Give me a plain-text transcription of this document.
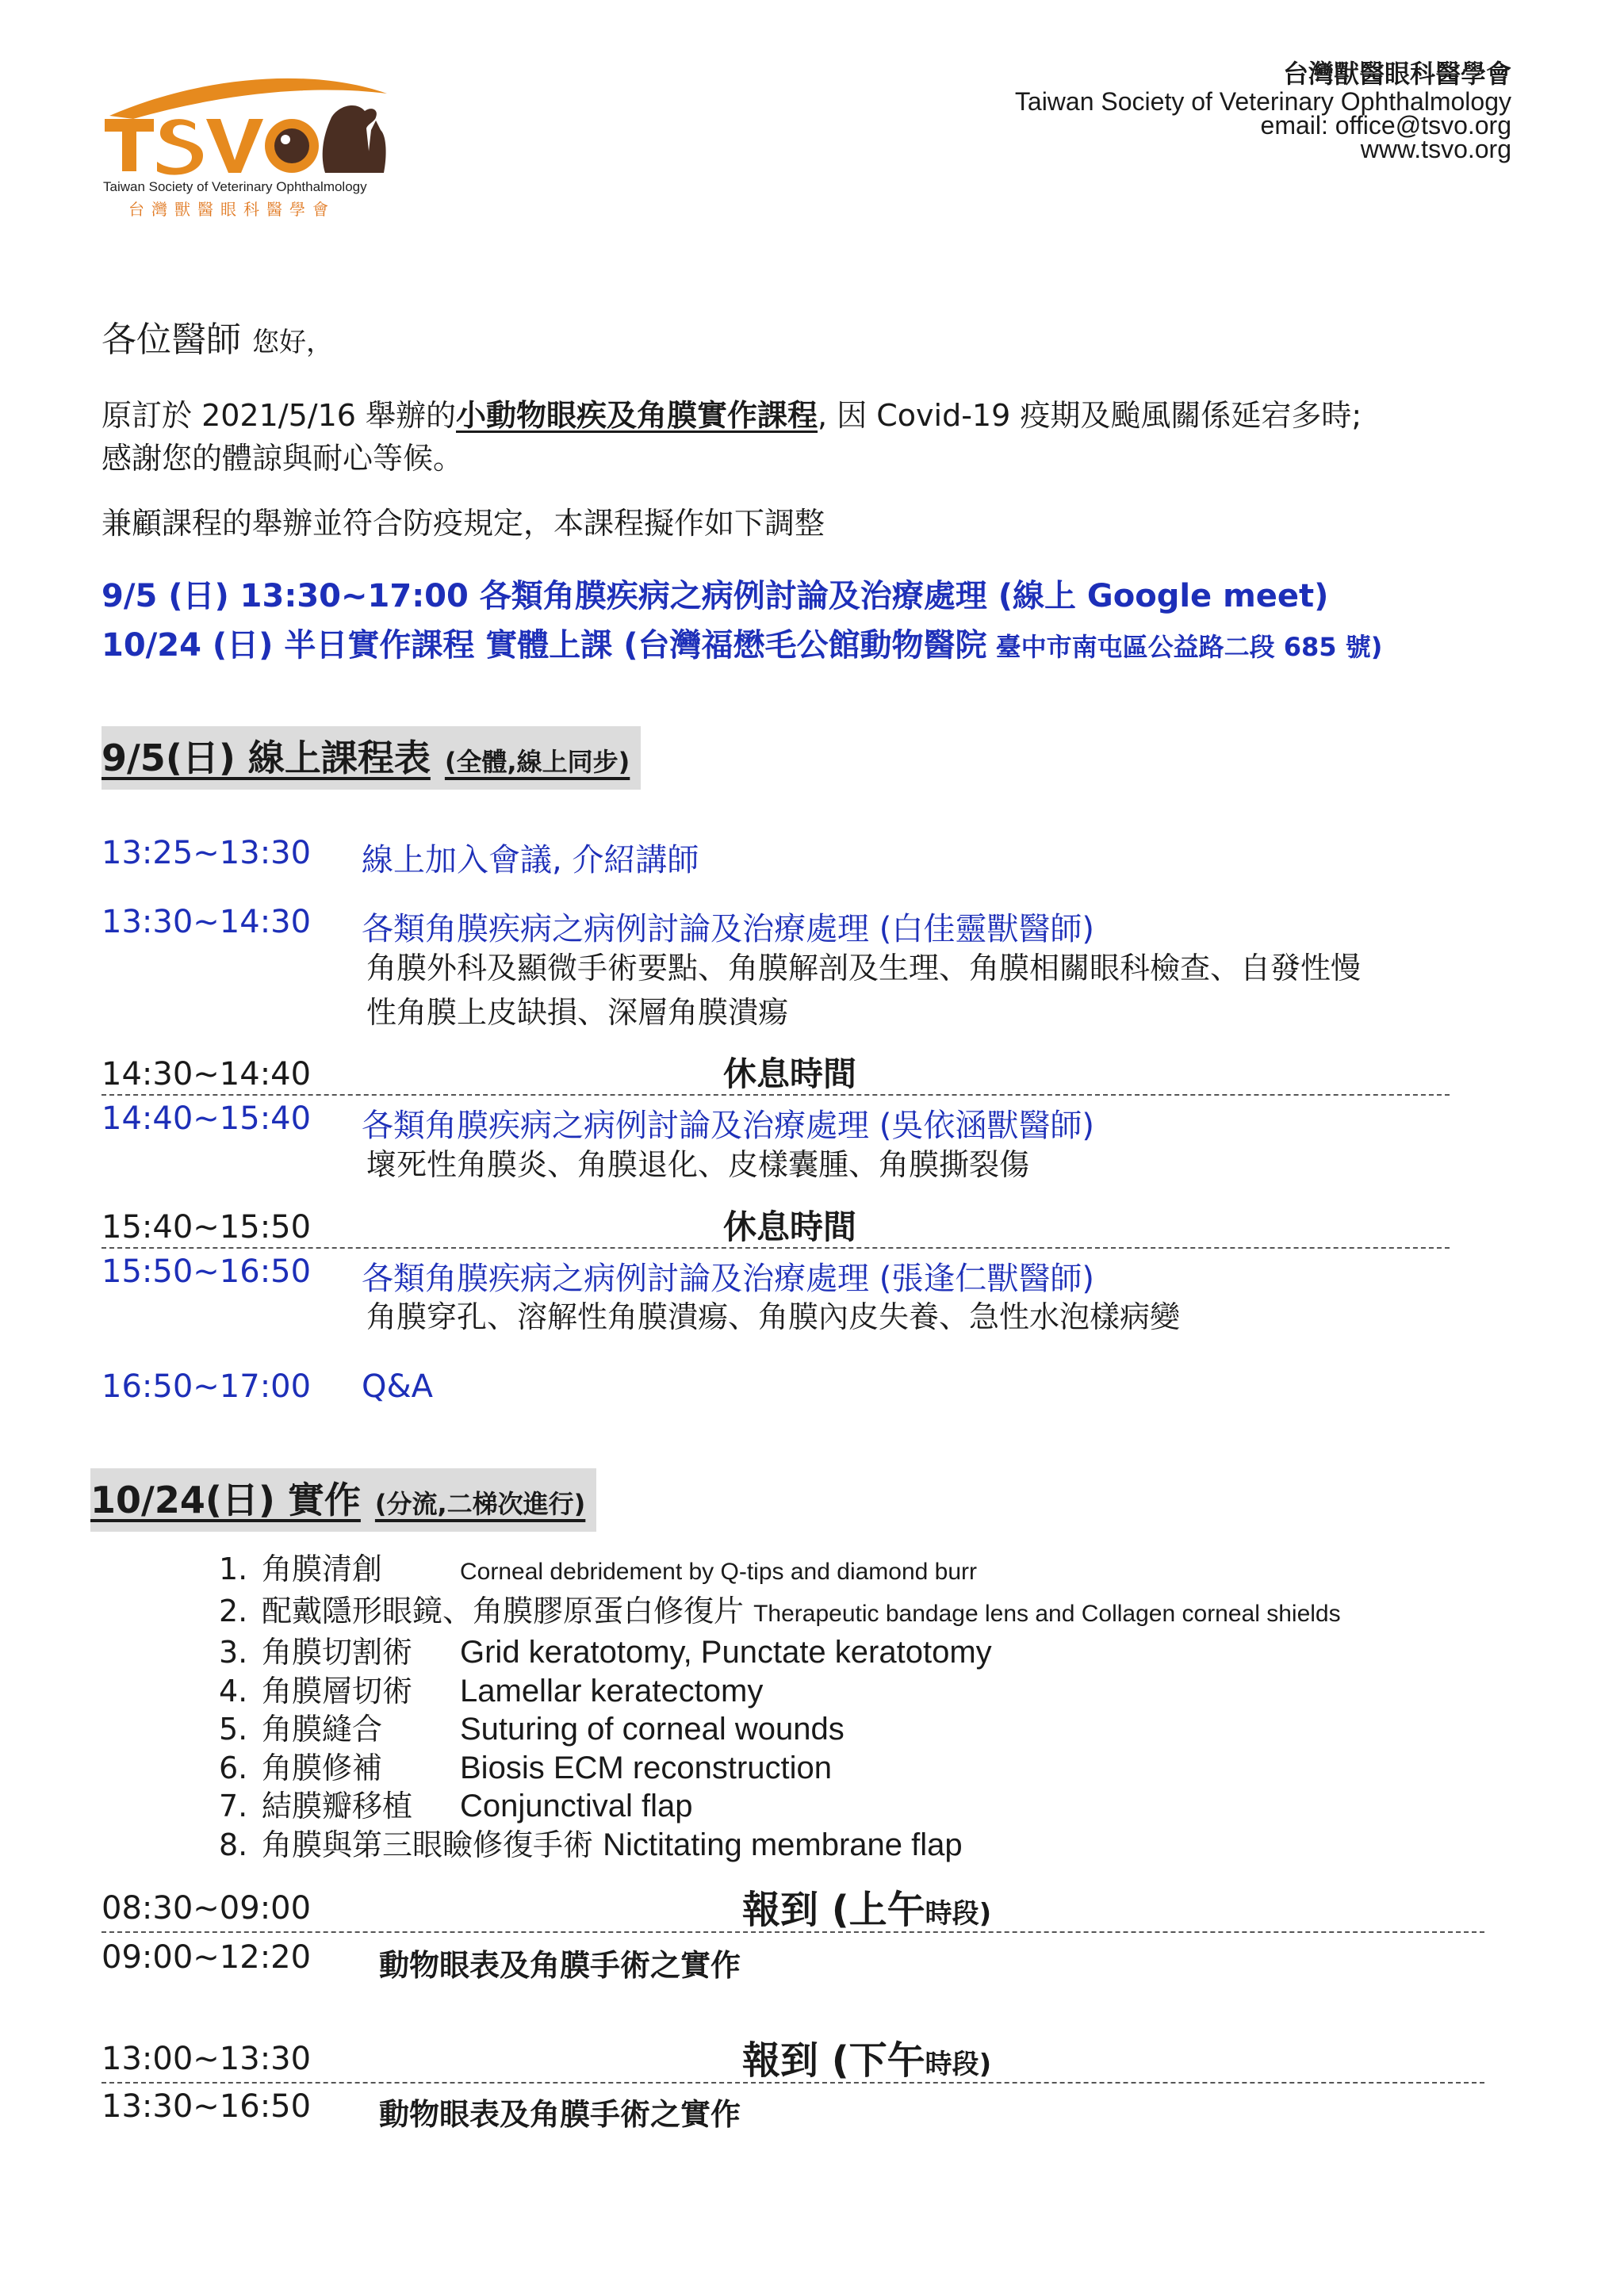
Taiwan Society of Veterinary Ophthalmology
台灣獸醫眼科醫學會
台灣獸醫眼科醫學會
Taiwan Society of Veterinary Ophthalmology
email: office@tsvo.org
www.tsvo.org
各位醫師 您好，
原訂於 2021/5/16 舉辦的小動物眼疾及角膜實作課程, 因 Covid-19 疫期及颱風關係延宕多時;
感謝您的體諒與耐心等候。
兼顧課程的舉辦並符合防疫規定，本課程擬作如下調整
9/5 (日) 13:30~17:00 各類角膜疾病之病例討論及治療處理 (線上 Google meet)
10/24 (日) 半日實作課程 實體上課 (台灣福懋毛公館動物醫院 臺中市南屯區公益路二段 685 號)
9/5(日) 線上課程表 (全體,線上同步)
13:25~13:30 線上加入會議, 介紹講師
13:30~14:30 各類角膜疾病之病例討論及治療處理 (白佳靈獸醫師)
角膜外科及顯微手術要點、角膜解剖及生理、角膜相關眼科檢查、自發性慢
性角膜上皮缺損、深層角膜潰瘍
14:30~14:40	休息時間
14:40~15:40 各類角膜疾病之病例討論及治療處理 (吳依涵獸醫師)
壞死性角膜炎、角膜退化、皮樣囊腫、角膜撕裂傷
15:40~15:50	休息時間
15:50~16:50 各類角膜疾病之病例討論及治療處理 (張逢仁獸醫師)
角膜穿孔、溶解性角膜潰瘍、角膜內皮失養、急性水泡樣病變
16:50~17:00 Q&A
10/24(日) 實作 (分流,二梯次進行)
1. 角膜清創	Corneal debridement by Q-tips and diamond burr
2. 配戴隱形眼鏡、角膜膠原蛋白修復片 Therapeutic bandage lens and Collagen corneal shields
3. 角膜切割術 Grid keratotomy, Punctate keratotomy
4. 角膜層切術 Lamellar keratectomy
5. 角膜縫合 Suturing of corneal wounds
6. 角膜修補 Biosis ECM reconstruction
7. 結膜瓣移植 Conjunctival flap
8. 角膜與第三眼瞼修復手術 Nictitating membrane flap
08:30~09:00	報到 (上午時段)
09:00~12:20 動物眼表及角膜手術之實作
13:00~13:30	報到 (下午時段)
13:30~16:50 動物眼表及角膜手術之實作
